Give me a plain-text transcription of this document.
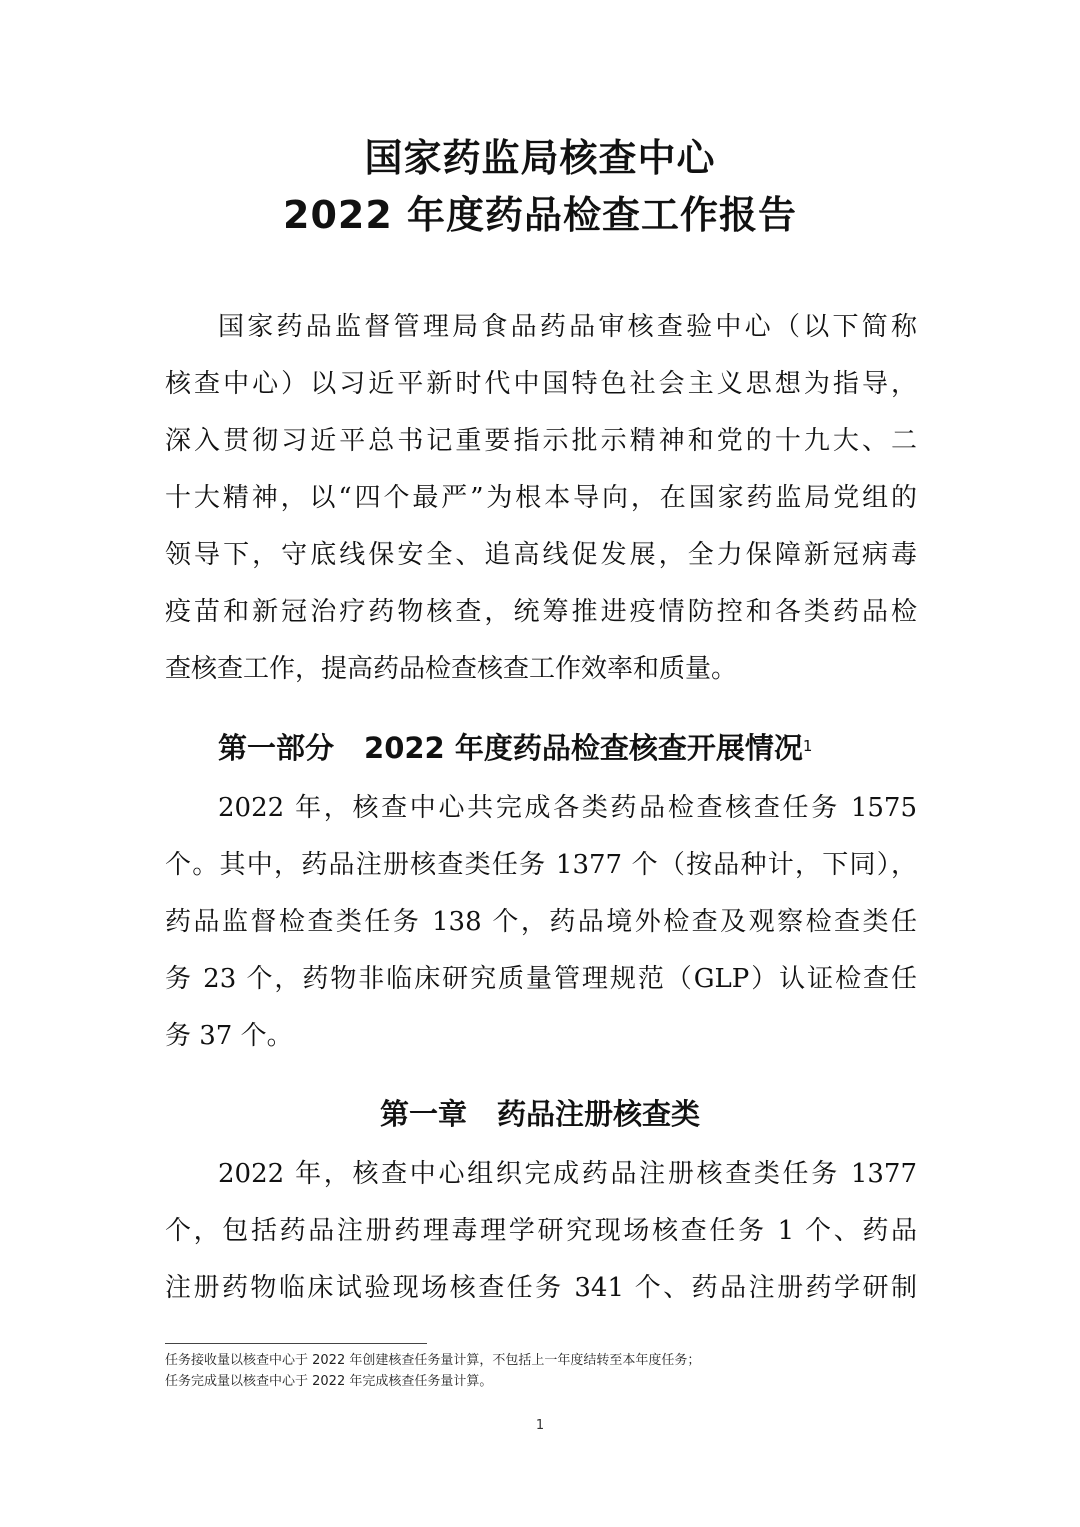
国家药监局核查中心
2022 年度药品检查工作报告
国家药品监督管理局食品药品审核查验中心（以下简称
核查中心）以习近平新时代中国特色社会主义思想为指导，
深入贯彻习近平总书记重要指示批示精神和党的十九大、二
十大精神，以“四个最严”为根本导向，在国家药监局党组的
领导下，守底线保安全、追高线促发展，全力保障新冠病毒
疫苗和新冠治疗药物核查，统筹推进疫情防控和各类药品检
查核查工作，提高药品检查核查工作效率和质量。
第一部分 2022 年度药品检查核查开展情况$^1$
2022 年，核查中心共完成各类药品检查核查任务 1575
个。其中，药品注册核查类任务 1377 个（按品种计，下同），
药品监督检查类任务 138 个，药品境外检查及观察检查类任
务 23 个，药物非临床研究质量管理规范（GLP）认证检查任
务 37 个。
第一章 药品注册核查类
2022 年，核查中心组织完成药品注册核查类任务 1377
个，包括药品注册药理毒理学研究现场核查任务 1 个、药品
注册药物临床试验现场核查任务 341 个、药品注册药学研制
任务接收量以核查中心于 2022 年创建核查任务量计算，不包括上一年度结转至本年度任务；
任务完成量以核查中心于 2022 年完成核查任务量计算。
1
